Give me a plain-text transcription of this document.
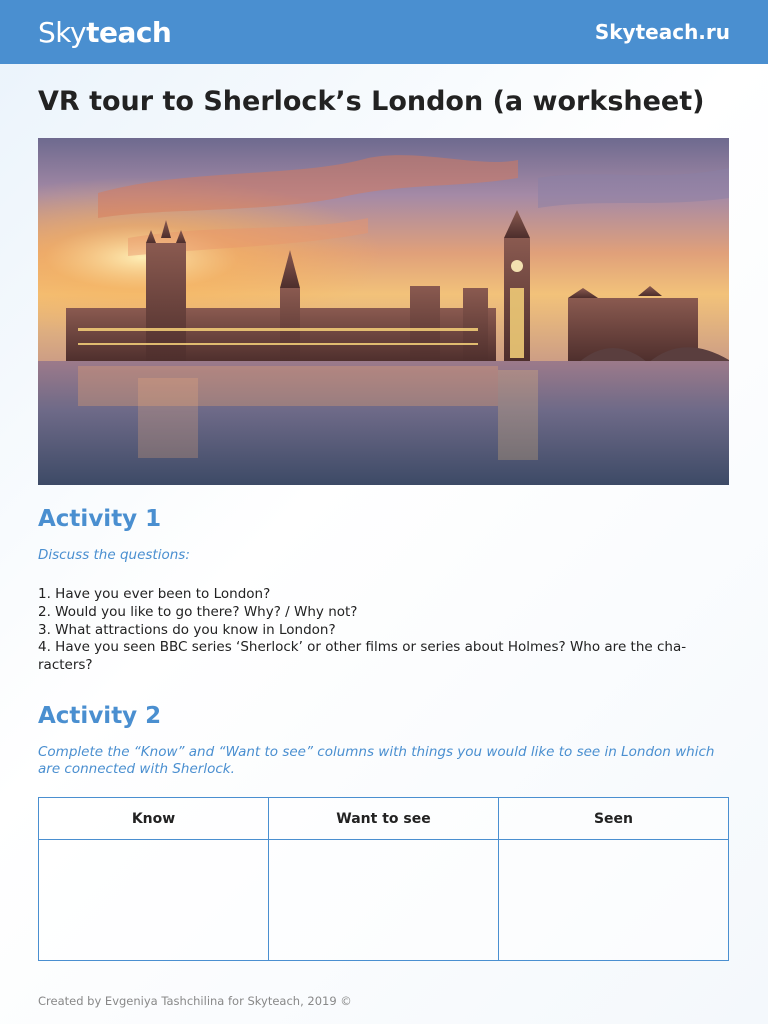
Skyteach	Skyteach.ru
VR tour to Sherlock’s London (a worksheet)
Activity 1

Discuss the questions:

1. Have you ever been to London?
2. Would you like to go there? Why? / Why not?
3. What attractions do you know in London?
4. Have you seen BBC series ‘Sherlock’ or other films or series about Holmes? Who are the cha-racters?
Activity 2

Complete the “Know” and “Want to see” columns with things you would like to see in London which are connected with Sherlock.

Know	Want to see	Seen

Created by Evgeniya Tashchilina for Skyteach, 2019 ©
